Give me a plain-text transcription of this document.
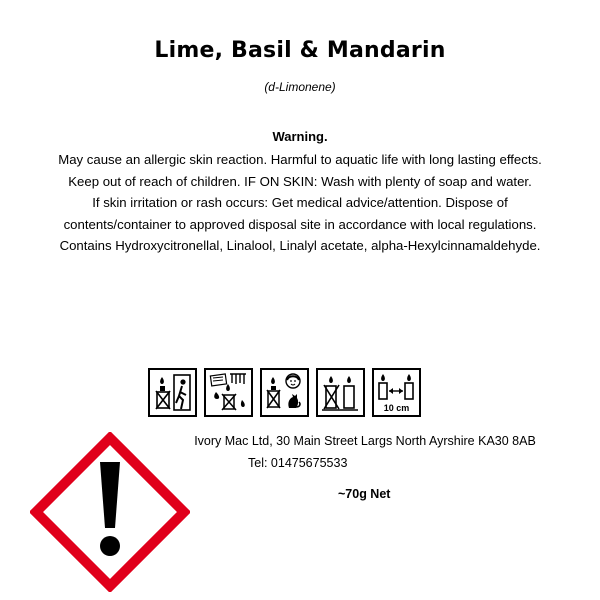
Lime, Basil & Mandarin
(d-Limonene)
Warning.
May cause an allergic skin reaction. Harmful to aquatic life with long lasting effects.
Keep out of reach of children. IF ON SKIN: Wash with plenty of soap and water.
If skin irritation or rash occurs: Get medical advice/attention. Dispose of
contents/container to approved disposal site in accordance with local regulations.
Contains Hydroxycitronellal, Linalool, Linalyl acetate, alpha-Hexylcinnamaldehyde.
10 cm
Ivory Mac Ltd, 30 Main Street Largs North Ayrshire KA30 8AB
Tel: 01475675533
~70g Net
